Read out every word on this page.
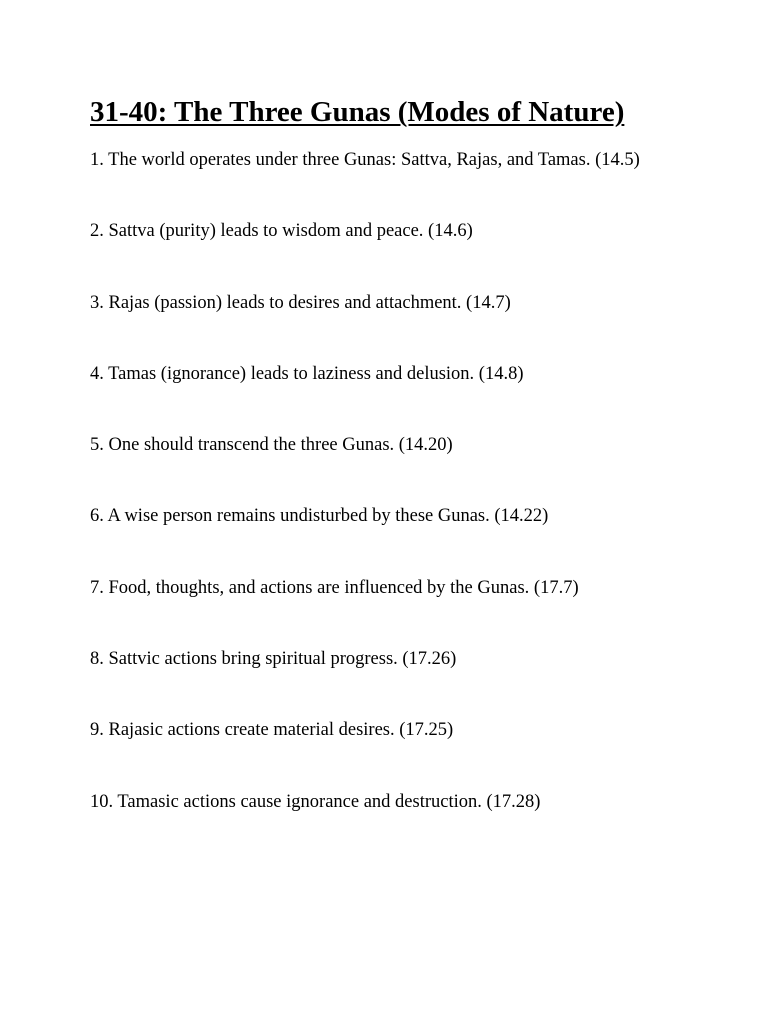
31-40: The Three Gunas (Modes of Nature)
1. The world operates under three Gunas: Sattva, Rajas, and Tamas. (14.5)
2. Sattva (purity) leads to wisdom and peace. (14.6)
3. Rajas (passion) leads to desires and attachment. (14.7)
4. Tamas (ignorance) leads to laziness and delusion. (14.8)
5. One should transcend the three Gunas. (14.20)
6. A wise person remains undisturbed by these Gunas. (14.22)
7. Food, thoughts, and actions are influenced by the Gunas. (17.7)
8. Sattvic actions bring spiritual progress. (17.26)
9. Rajasic actions create material desires. (17.25)
10. Tamasic actions cause ignorance and destruction. (17.28)
